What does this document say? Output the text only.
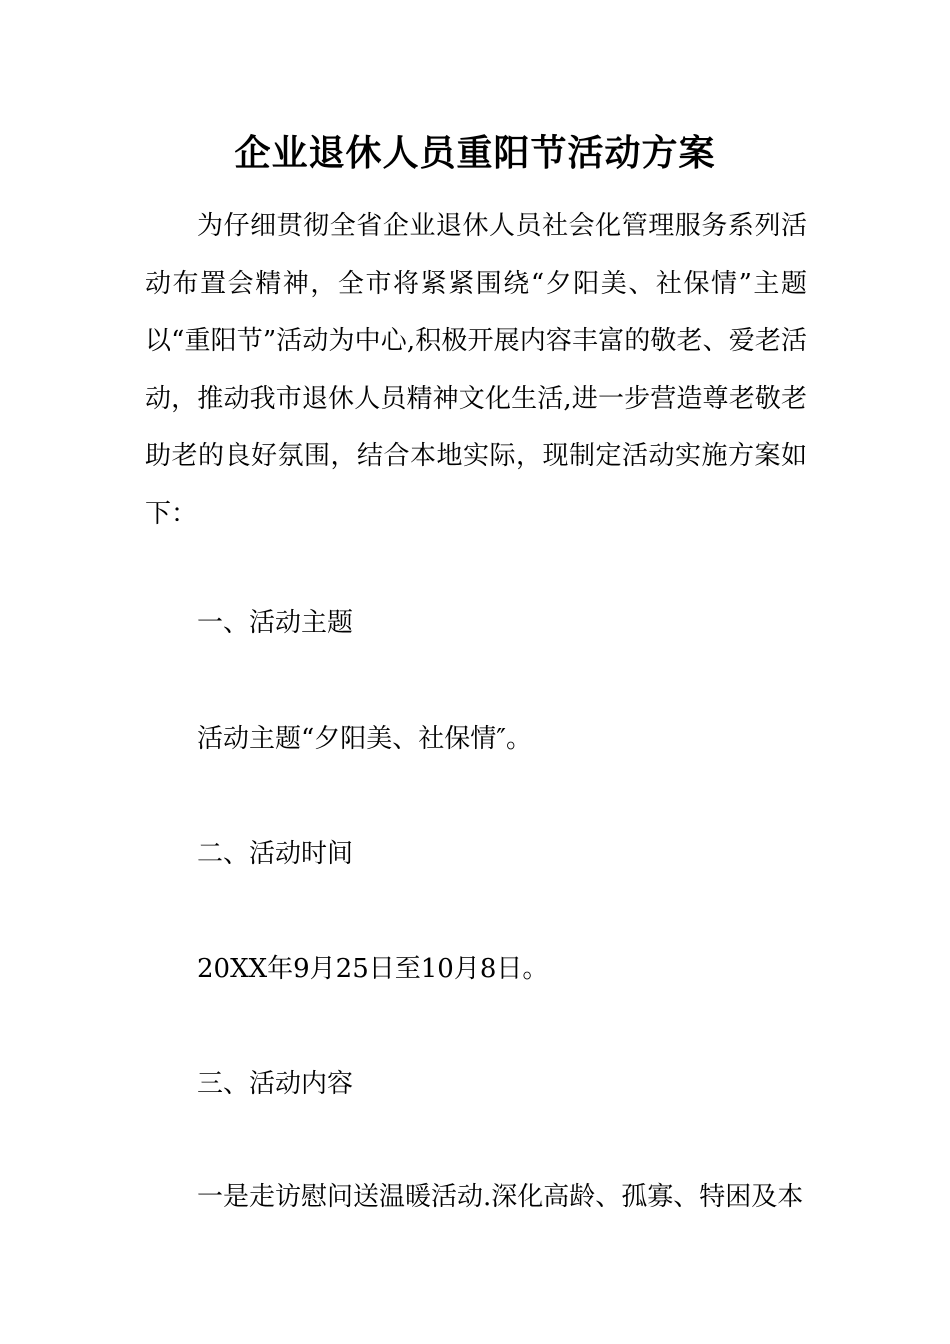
企业退休人员重阳节活动方案

为仔细贯彻全省企业退休人员社会化管理服务系列活动布置会精神，全市将紧紧围绕“夕阳美、社保情”主题以“重阳节”活动为中心,积极开展内容丰富的敬老、爱老活动，推动我市退休人员精神文化生活,进一步营造尊老敬老助老的良好氛围，结合本地实际，现制定活动实施方案如下：

一、活动主题

活动主题“夕阳美、社保情″。

二、活动时间

20XX年9月25日至10月8日。

三、活动内容

一是走访慰问送温暖活动.深化高龄、孤寡、特困及本
